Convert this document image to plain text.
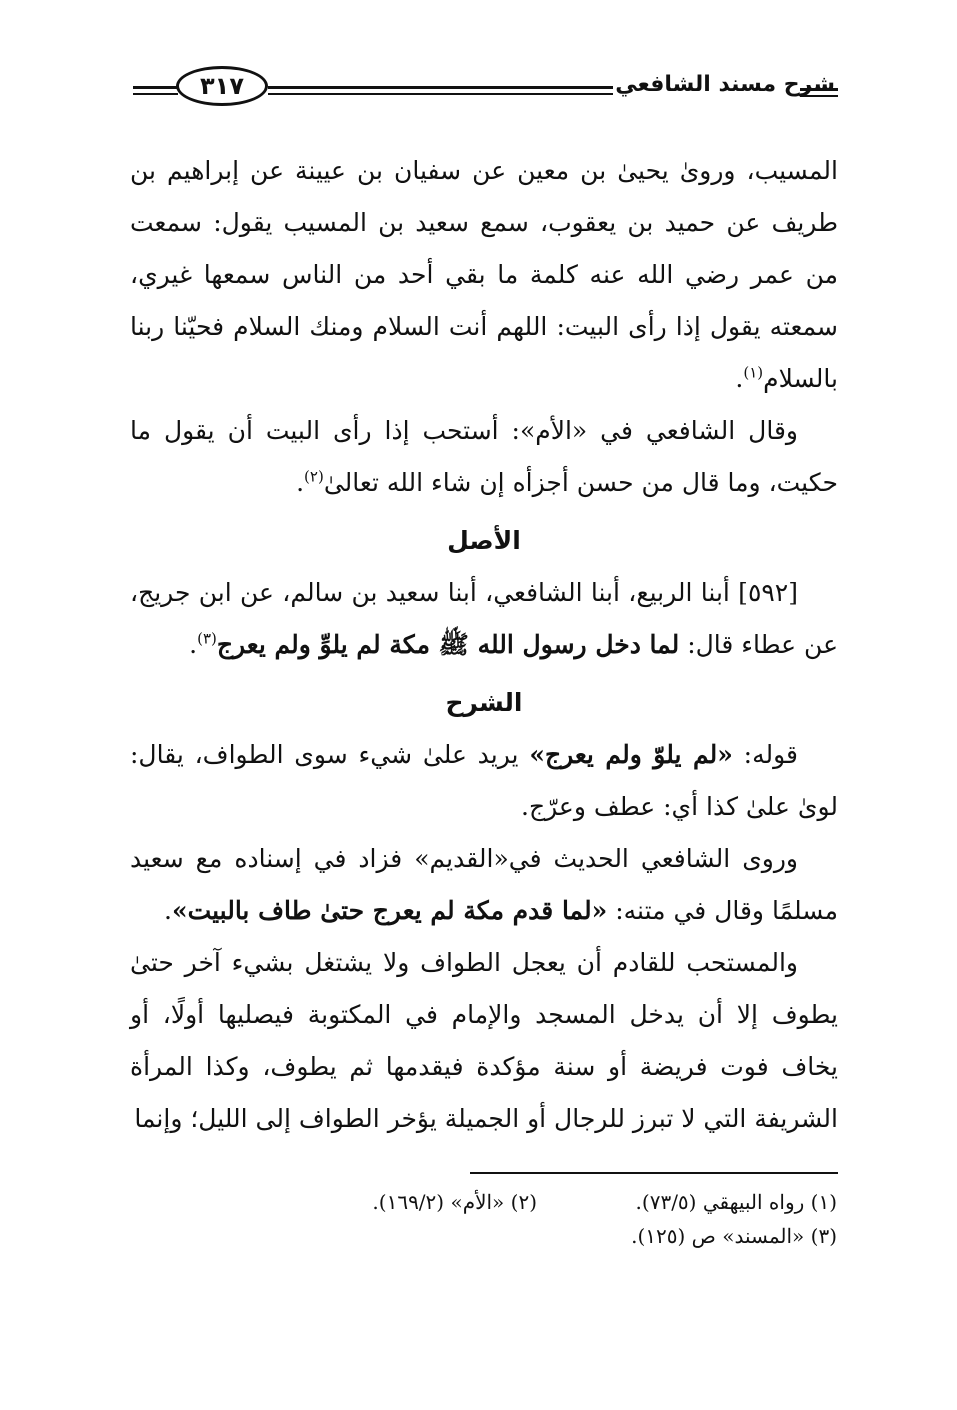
شرح مسند الشافعي
٣١٧

المسيب، وروىٰ يحيىٰ بن معين عن سفيان بن عيينة عن إبراهيم بن طريف عن حميد بن يعقوب، سمع سعيد بن المسيب يقول: سمعت من عمر رضي الله عنه كلمة ما بقي أحد من الناس سمعها غيري، سمعته يقول إذا رأى البيت: اللهم أنت السلام ومنك السلام فحيّنا ربنا بالسلام$^{(١)}$.

وقال الشافعي في «الأم»: أستحب إذا رأى البيت أن يقول ما حكيت، وما قال من حسن أجزأه إن شاء الله تعالىٰ$^{(٢)}$.

الأصل

[٥٩٢] أبنا الربيع، أبنا الشافعي، أبنا سعيد بن سالم، عن ابن جريج، عن عطاء قال: لما دخل رسول الله ﷺ مكة لم يلوِّ ولم يعرج$^{(٣)}$.

الشرح

قوله: «لم يلوّ ولم يعرج» يريد علىٰ شيء سوى الطواف، يقال: لوىٰ علىٰ كذا أي: عطف وعرّج.

وروى الشافعي الحديث في«القديم» فزاد في إسناده مع سعيد مسلمًا وقال في متنه: «لما قدم مكة لم يعرج حتىٰ طاف بالبيت».

والمستحب للقادم أن يعجل الطواف ولا يشتغل بشيء آخر حتىٰ يطوف إلا أن يدخل المسجد والإمام في المكتوبة فيصليها أولًا، أو يخاف فوت فريضة أو سنة مؤكدة فيقدمها ثم يطوف، وكذا المرأة الشريفة التي لا تبرز للرجال أو الجميلة يؤخر الطواف إلى الليل؛ وإنما

(١) رواه البيهقي (٧٣/٥).
(٢) «الأم» (١٦٩/٢).
(٣) «المسند» ص (١٢٥).
